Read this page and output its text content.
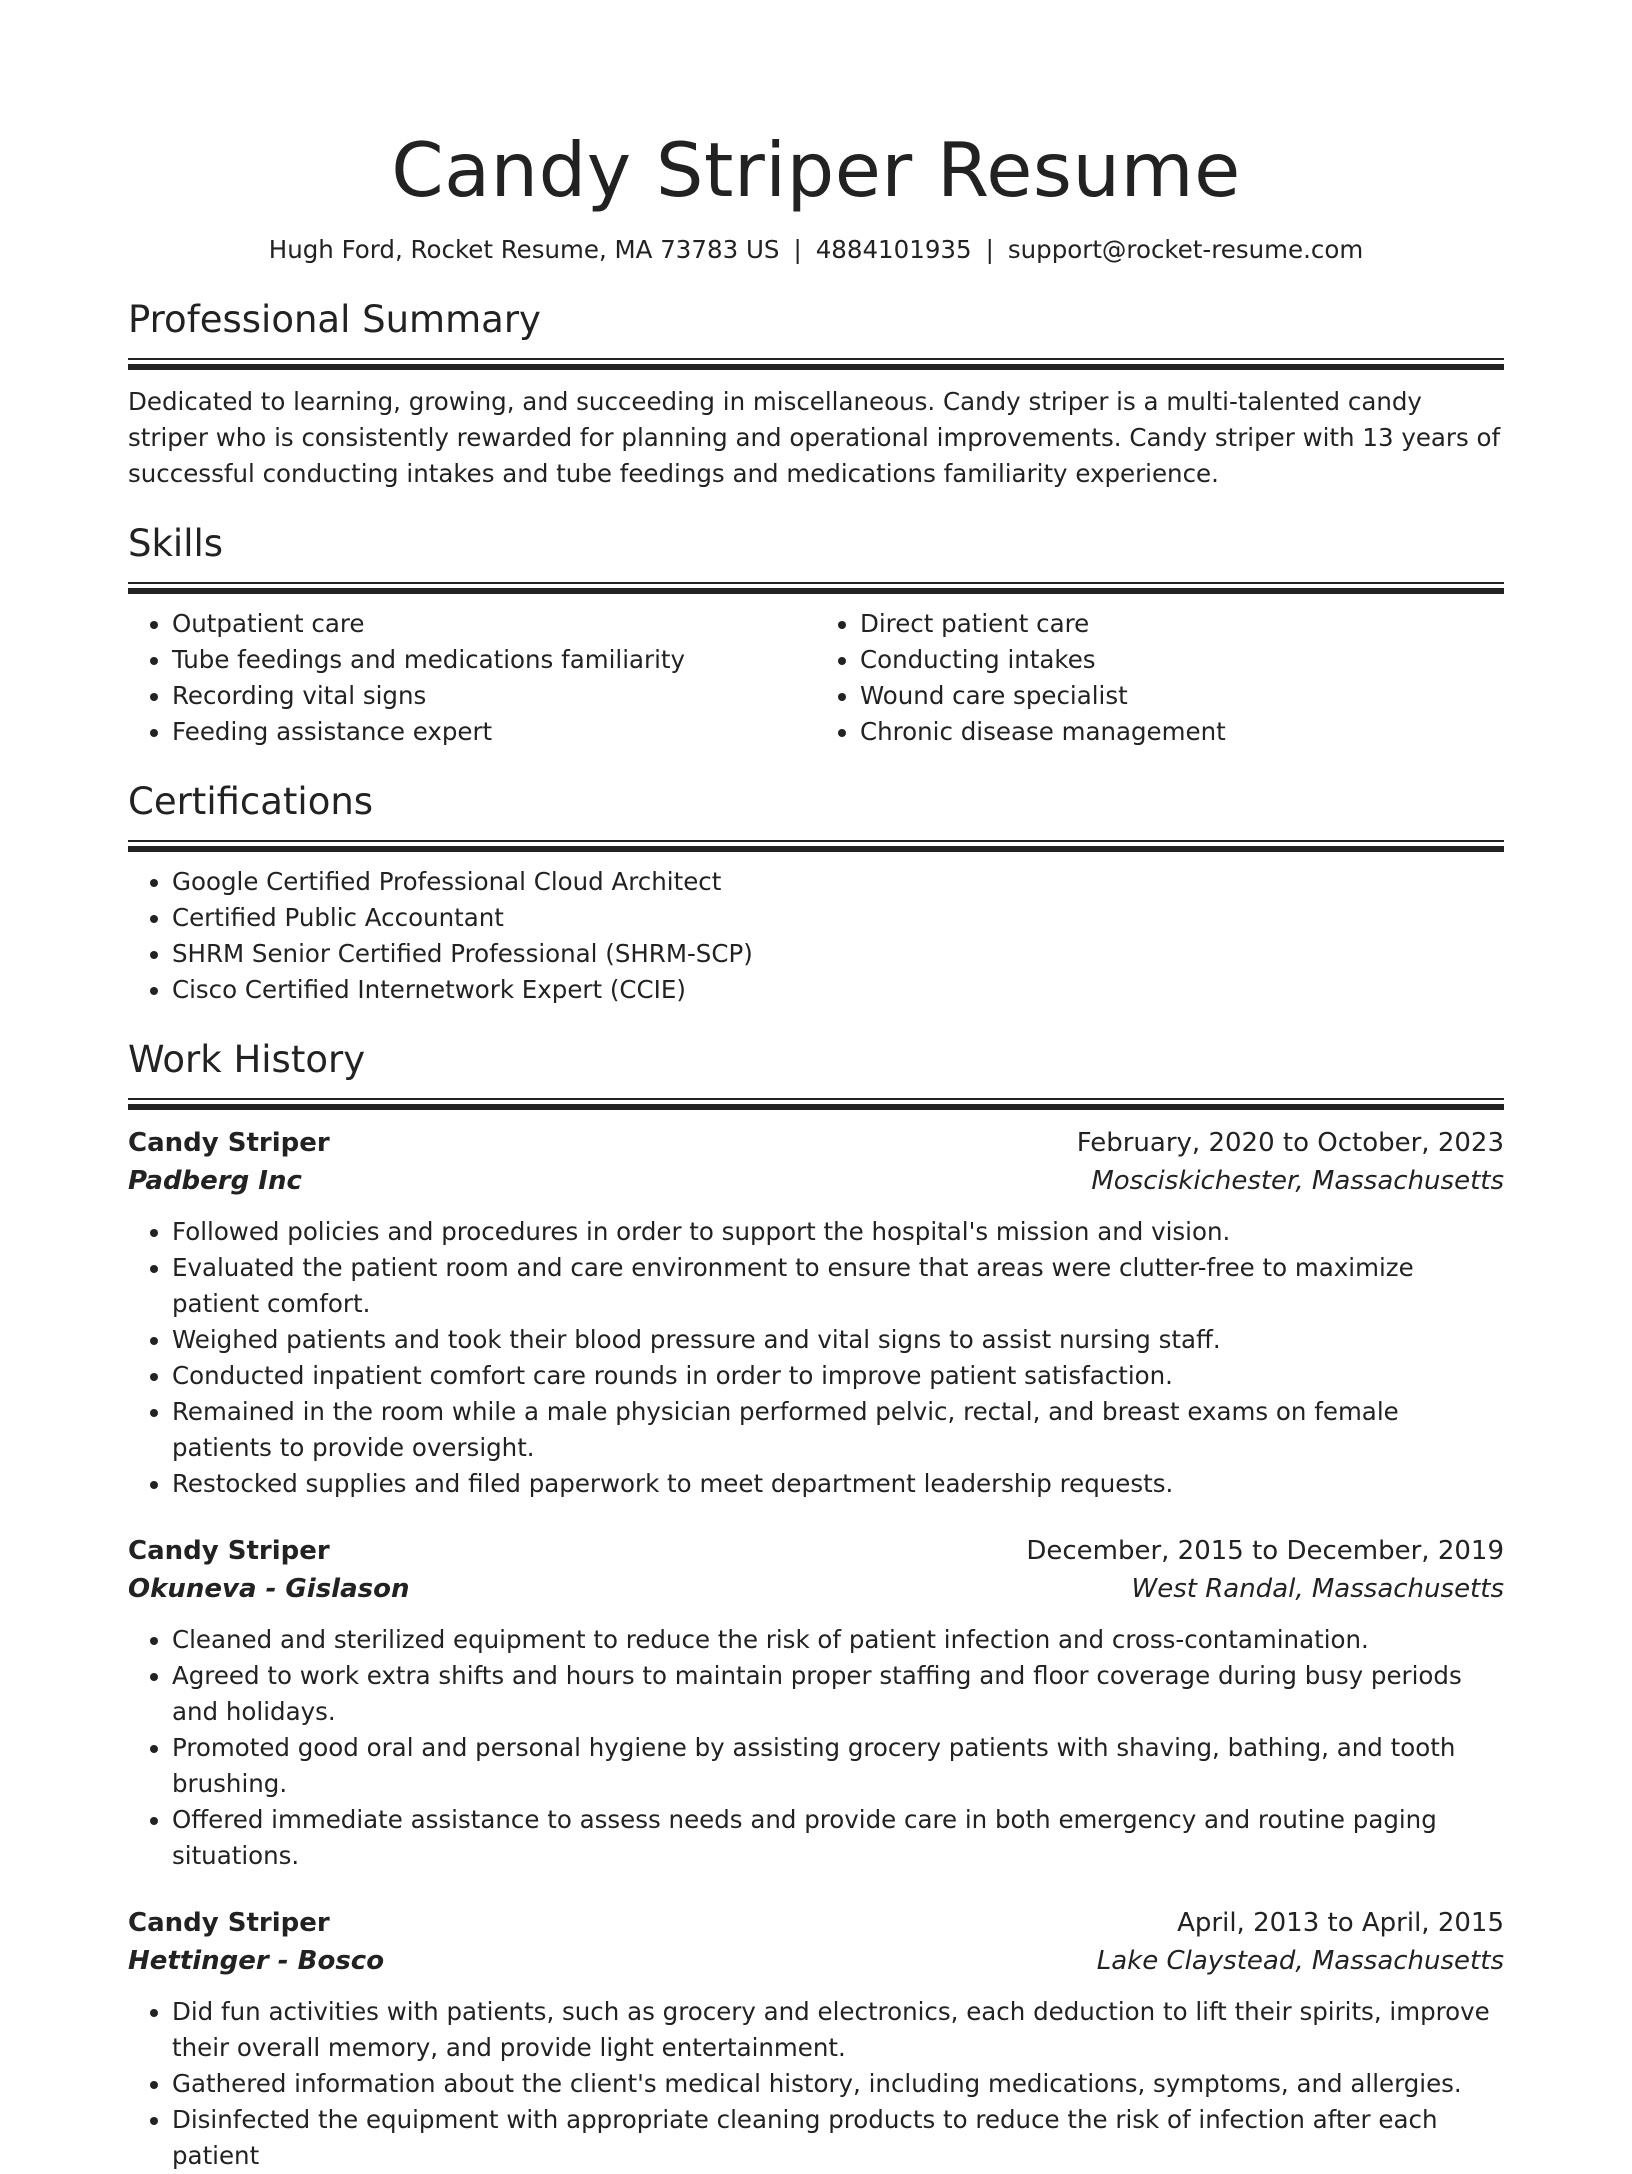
Candy Striper Resume
Hugh Ford, Rocket Resume, MA 73783 US | 4884101935 | support@rocket-resume.com
Professional Summary

Dedicated to learning, growing, and succeeding in miscellaneous. Candy striper is a multi-talented candy striper who is consistently rewarded for planning and operational improvements. Candy striper with 13 years of successful conducting intakes and tube feedings and medications familiarity experience.

Skills
• Outpatient care
• Tube feedings and medications familiarity
• Recording vital signs
• Feeding assistance expert
• Direct patient care
• Conducting intakes
• Wound care specialist
• Chronic disease management
Certifications
• Google Certified Professional Cloud Architect
• Certified Public Accountant
• SHRM Senior Certified Professional (SHRM-SCP)
• Cisco Certified Internetwork Expert (CCIE)
Work History
Candy Striper	February, 2020 to October, 2023
Padberg Inc	Mosciskichester, Massachusetts
• Followed policies and procedures in order to support the hospital's mission and vision.
• Evaluated the patient room and care environment to ensure that areas were clutter-free to maximize patient comfort.
• Weighed patients and took their blood pressure and vital signs to assist nursing staff.
• Conducted inpatient comfort care rounds in order to improve patient satisfaction.
• Remained in the room while a male physician performed pelvic, rectal, and breast exams on female patients to provide oversight.
• Restocked supplies and filed paperwork to meet department leadership requests.
Candy Striper	December, 2015 to December, 2019
Okuneva - Gislason	West Randal, Massachusetts
• Cleaned and sterilized equipment to reduce the risk of patient infection and cross-contamination.
• Agreed to work extra shifts and hours to maintain proper staffing and floor coverage during busy periods and holidays.
• Promoted good oral and personal hygiene by assisting grocery patients with shaving, bathing, and tooth brushing.
• Offered immediate assistance to assess needs and provide care in both emergency and routine paging situations.
Candy Striper	April, 2013 to April, 2015
Hettinger - Bosco	Lake Claystead, Massachusetts
• Did fun activities with patients, such as grocery and electronics, each deduction to lift their spirits, improve their overall memory, and provide light entertainment.
• Gathered information about the client's medical history, including medications, symptoms, and allergies.
• Disinfected the equipment with appropriate cleaning products to reduce the risk of infection after each patient
